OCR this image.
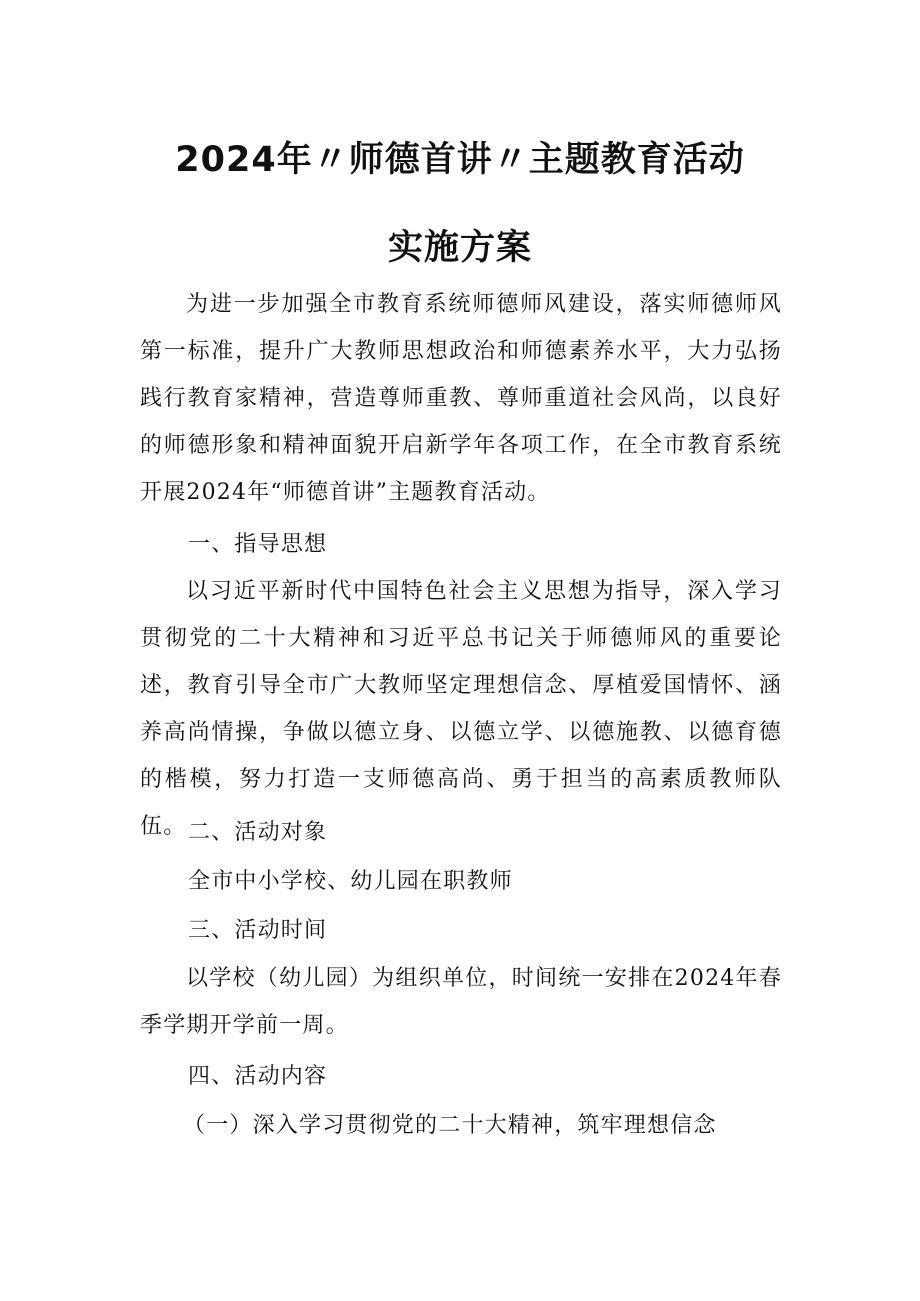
2024年〃师德首讲〃主题教育活动
实施方案

为进一步加强全市教育系统师德师风建设，落实师德师风第一标准，提升广大教师思想政治和师德素养水平，大力弘扬践行教育家精神，营造尊师重教、尊师重道社会风尚，以良好的师德形象和精神面貌开启新学年各项工作，在全市教育系统开展2024年“师德首讲”主题教育活动。

一、指导思想

以习近平新时代中国特色社会主义思想为指导，深入学习贯彻党的二十大精神和习近平总书记关于师德师风的重要论述，教育引导全市广大教师坚定理想信念、厚植爱国情怀、涵养高尚情操，争做以德立身、以德立学、以德施教、以德育德的楷模，努力打造一支师德高尚、勇于担当的高素质教师队伍。 二、活动对象

全市中小学校、幼儿园在职教师

三、活动时间

以学校（幼儿园）为组织单位，时间统一安排在2024年春季学期开学前一周。

四、活动内容

（一）深入学习贯彻党的二十大精神，筑牢理想信念
